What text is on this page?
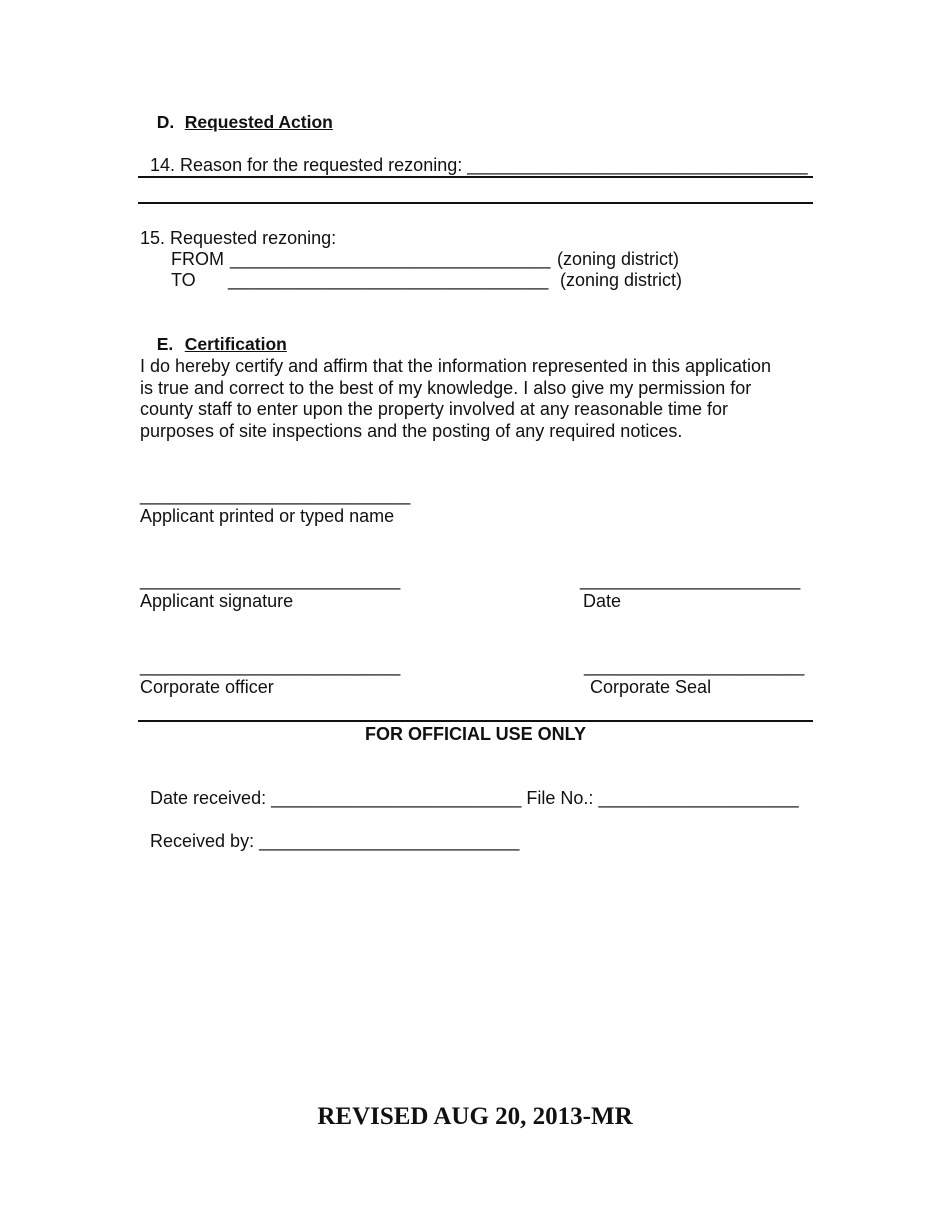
D. Requested Action

14. Reason for the requested rezoning: __________________________________

15. Requested rezoning:
FROM ________________________________ (zoning district)
TO ________________________________ (zoning district)

E. Certification

I do hereby certify and affirm that the information represented in this application
is true and correct to the best of my knowledge. I also give my permission for
county staff to enter upon the property involved at any reasonable time for
purposes of site inspections and the posting of any required notices.
___________________________
Applicant printed or typed name
__________________________
Applicant signature
______________________
Date
__________________________
Corporate officer
______________________
Corporate Seal
FOR OFFICIAL USE ONLY

Date received: _________________________ File No.: ____________________

Received by: __________________________

REVISED AUG 20, 2013-MR
